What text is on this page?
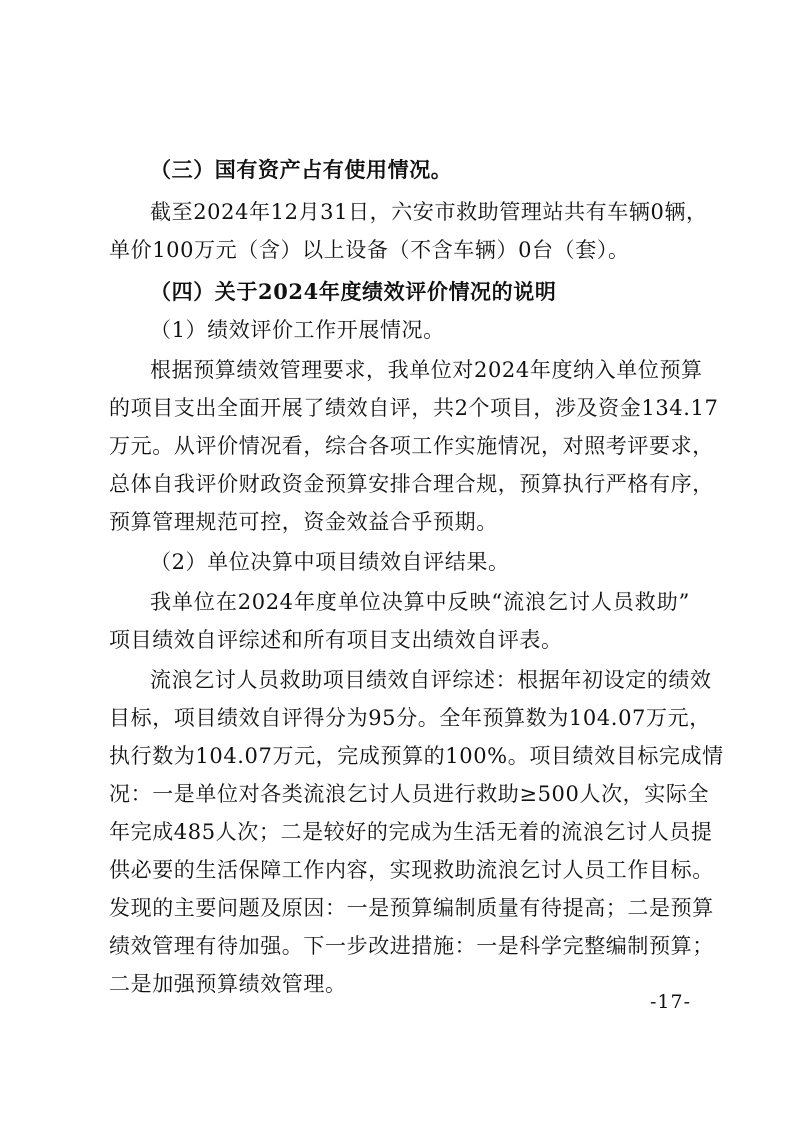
（三）国有资产占有使用情况。
截至2024年12月31日，六安市救助管理站共有车辆0辆，
单价100万元（含）以上设备（不含车辆）0台（套）。
（四）关于2024年度绩效评价情况的说明
（1）绩效评价工作开展情况。
根据预算绩效管理要求，我单位对2024年度纳入单位预算
的项目支出全面开展了绩效自评，共2个项目，涉及资金134.17
万元。从评价情况看，综合各项工作实施情况，对照考评要求，
总体自我评价财政资金预算安排合理合规，预算执行严格有序，
预算管理规范可控，资金效益合乎预期。
（2）单位决算中项目绩效自评结果。
我单位在2024年度单位决算中反映“流浪乞讨人员救助”
项目绩效自评综述和所有项目支出绩效自评表。
流浪乞讨人员救助项目绩效自评综述：根据年初设定的绩效
目标，项目绩效自评得分为95分。全年预算数为104.07万元，
执行数为104.07万元，完成预算的100%。项目绩效目标完成情
况：一是单位对各类流浪乞讨人员进行救助≥500人次，实际全
年完成485人次；二是较好的完成为生活无着的流浪乞讨人员提
供必要的生活保障工作内容，实现救助流浪乞讨人员工作目标。
发现的主要问题及原因：一是预算编制质量有待提高；二是预算
绩效管理有待加强。下一步改进措施：一是科学完整编制预算；
二是加强预算绩效管理。
-17-
